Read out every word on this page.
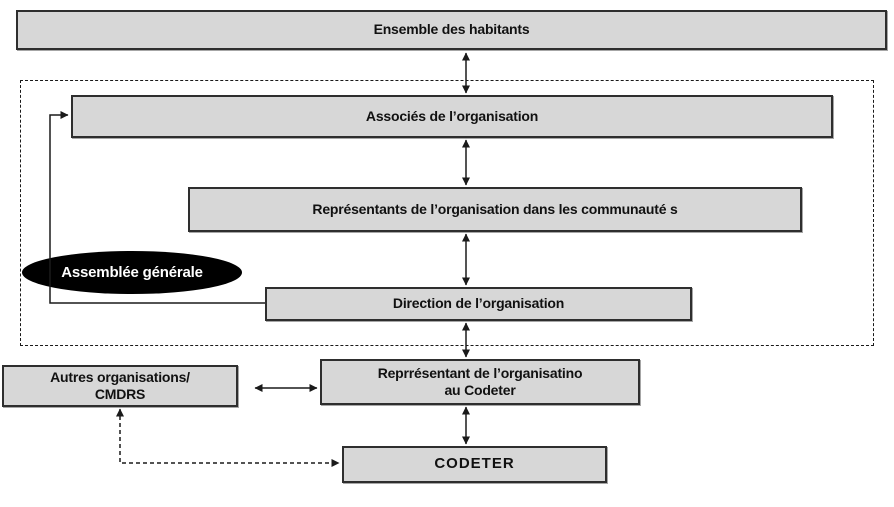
Ensemble des habitants
Associés de l’organisation
Représentants de l’organisation dans les communauté s
Assemblée générale
Direction de l’organisation
Autres organisations/
CMDRS
Reprrésentant de l’organisatino
au Codeter
CODETER
